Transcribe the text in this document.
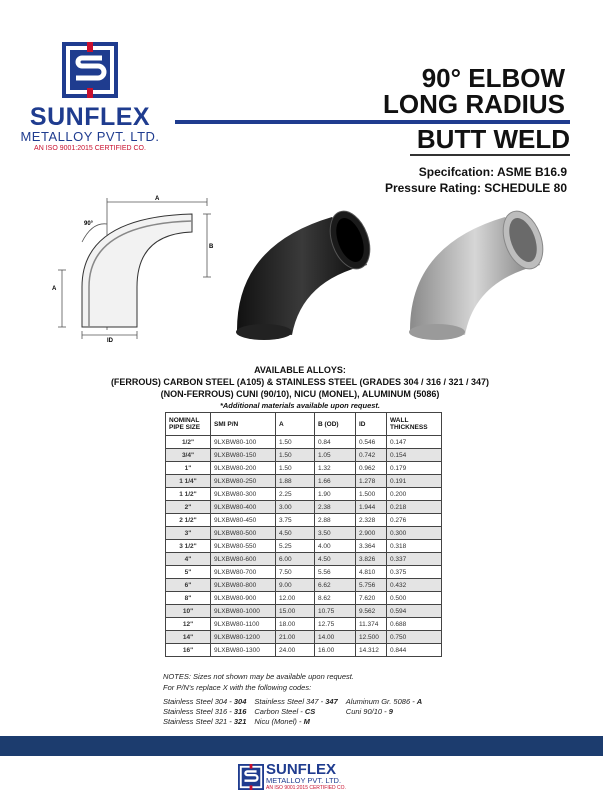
SUNFLEX
METALLOY PVT. LTD.
AN ISO 9001:2015 CERTIFIED CO.
90° ELBOW
LONG RADIUS
BUTT WELD
Specifcation: ASME B16.9
Pressure Rating: SCHEDULE 80
90°
A
B
A
ID
AVAILABLE ALLOYS:
(FERROUS) CARBON STEEL (A105) & STAINLESS STEEL (GRADES 304 / 316 / 321 / 347)
(NON-FERROUS) CUNI (90/10), NICU (MONEL), ALUMINUM (5086)
*Additional materials available upon request.
NOMINAL PIPE SIZE	SMI P/N	A	B (OD)	ID	WALL THICKNESS
1/2"	9LXBW80-100	1.50	0.84	0.546	0.147
3/4"	9LXBW80-150	1.50	1.05	0.742	0.154
1"	9LXBW80-200	1.50	1.32	0.962	0.179
1 1/4"	9LXBW80-250	1.88	1.66	1.278	0.191
1 1/2"	9LXBW80-300	2.25	1.90	1.500	0.200
2"	9LXBW80-400	3.00	2.38	1.944	0.218
2 1/2"	9LXBW80-450	3.75	2.88	2.328	0.276
3"	9LXBW80-500	4.50	3.50	2.900	0.300
3 1/2"	9LXBW80-550	5.25	4.00	3.364	0.318
4"	9LXBW80-600	6.00	4.50	3.826	0.337
5"	9LXBW80-700	7.50	5.56	4.810	0.375
6"	9LXBW80-800	9.00	6.62	5.756	0.432
8"	9LXBW80-900	12.00	8.62	7.620	0.500
10"	9LXBW80-1000	15.00	10.75	9.562	0.594
12"	9LXBW80-1100	18.00	12.75	11.374	0.688
14"	9LXBW80-1200	21.00	14.00	12.500	0.750
16"	9LXBW80-1300	24.00	16.00	14.312	0.844
NOTES: Sizes not shown may be available upon request.
For P/N's replace X with the following codes:
Stainless Steel 304 - 304
Stainless Steel 316 - 316
Stainless Steel 321 - 321
Stainless Steel 347 - 347
Carbon Steel - CS
Nicu (Monel) - M
Aluminum Gr. 5086 - A
Cuni 90/10 - 9
SUNFLEX
METALLOY PVT. LTD.
AN ISO 9001:2015 CERTIFIED CO.
